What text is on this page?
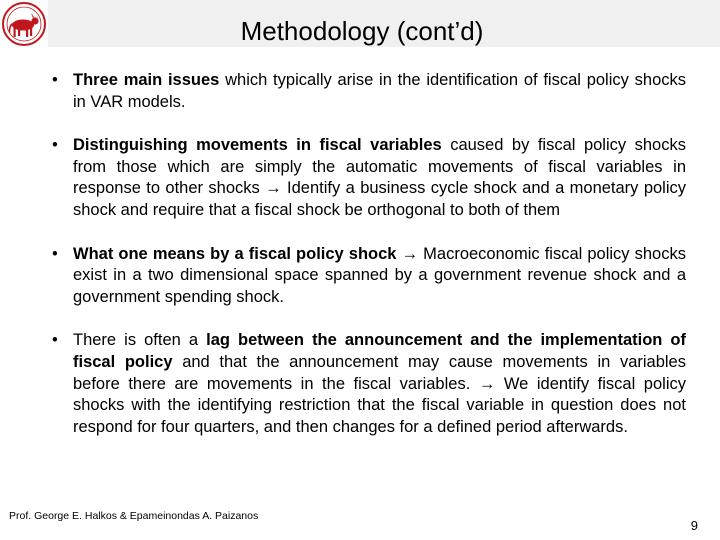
Methodology (cont’d)
• Three main issues which typically arise in the identification of fiscal policy shocks in VAR models.
• Distinguishing movements in fiscal variables caused by fiscal policy shocks from those which are simply the automatic movements of fiscal variables in response to other shocks → Identify a business cycle shock and a monetary policy shock and require that a fiscal shock be orthogonal to both of them
• What one means by a fiscal policy shock → Macroeconomic fiscal policy shocks exist in a two dimensional space spanned by a government revenue shock and a government spending shock.
• There is often a lag between the announcement and the implementation of fiscal policy and that the announcement may cause movements in variables before there are movements in the fiscal variables. → We identify fiscal policy shocks with the identifying restriction that the fiscal variable in question does not respond for four quarters, and then changes for a defined period afterwards.
Prof. George E. Halkos & Epameinondas A. Paizanos
9
